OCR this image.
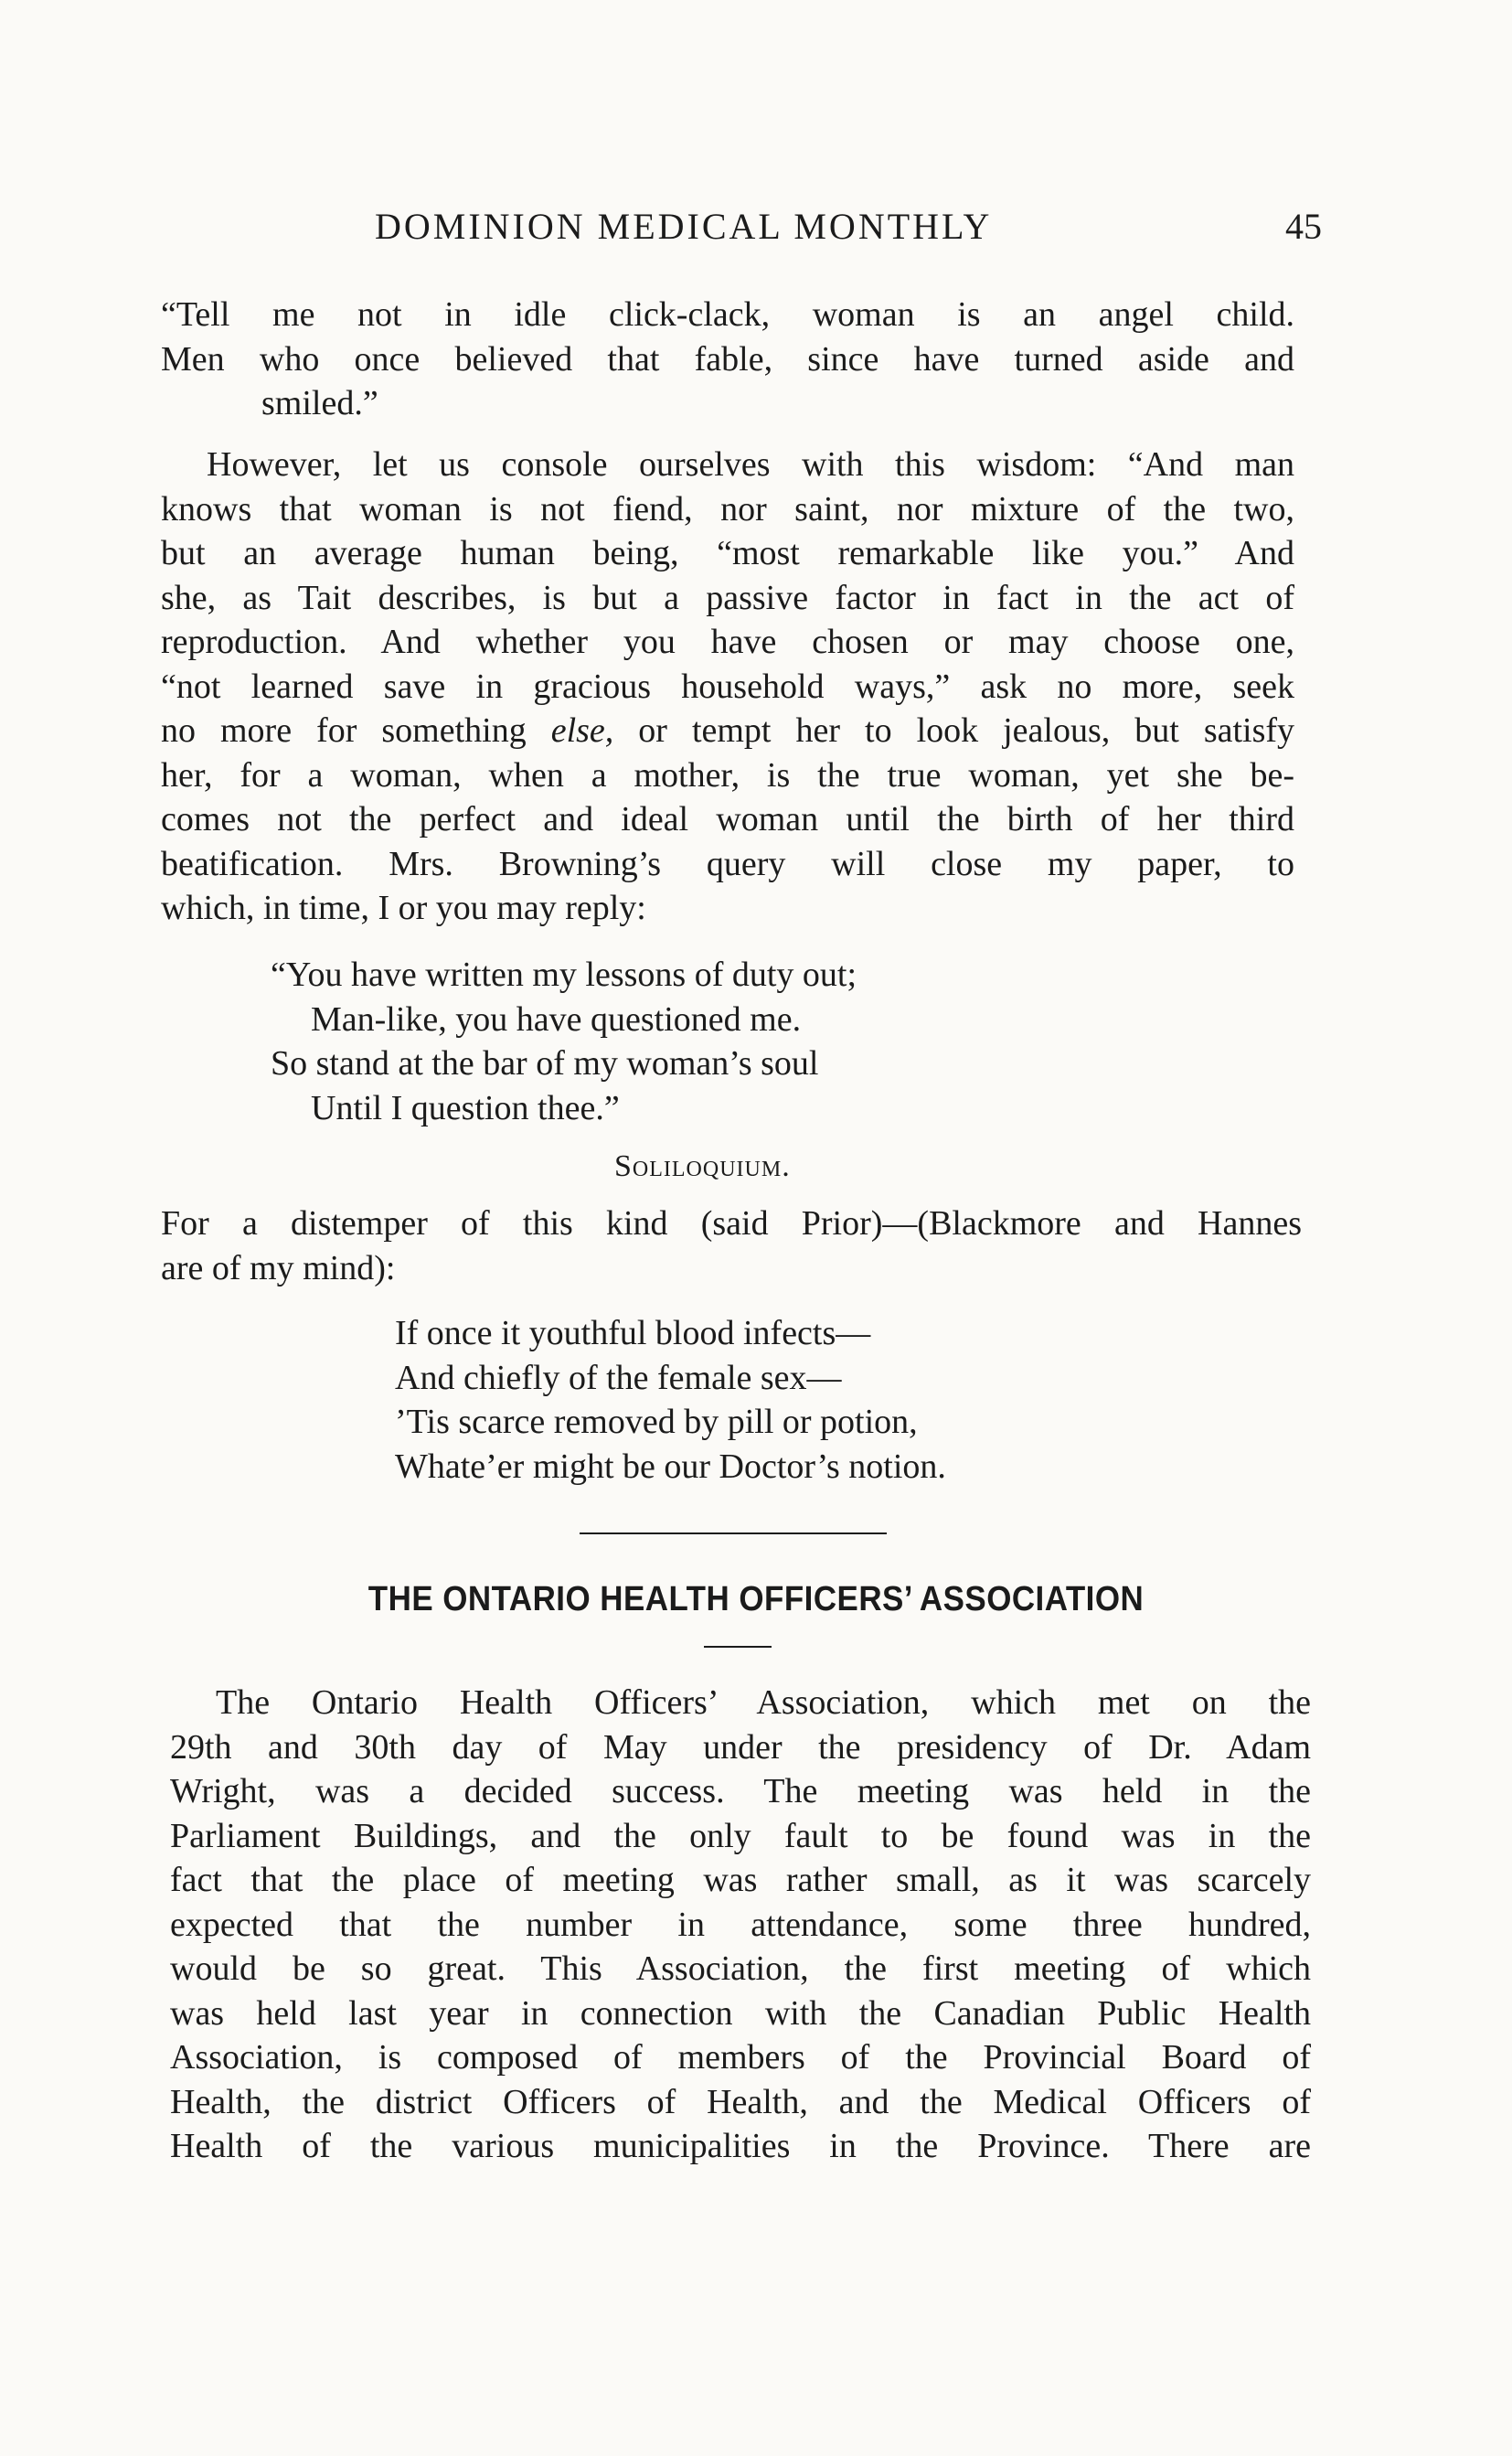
DOMINION MEDICAL MONTHLY	45
“Tell me not in idle click-clack, woman is an angel child.
Men who once believed that fable, since have turned aside and
smiled.”
However, let us console ourselves with this wisdom: “And man
knows that woman is not fiend, nor saint, nor mixture of the two,
but an average human being, “most remarkable like you.” And
she, as Tait describes, is but a passive factor in fact in the act of
reproduction. And whether you have chosen or may choose one,
“not learned save in gracious household ways,” ask no more, seek
no more for something else, or tempt her to look jealous, but satisfy
her, for a woman, when a mother, is the true woman, yet she be-
comes not the perfect and ideal woman until the birth of her third
beatification. Mrs. Browning’s query will close my paper, to
which, in time, I or you may reply:
“You have written my lessons of duty out;
Man-like, you have questioned me.
So stand at the bar of my woman’s soul
Until I question thee.”
Soliloquium.
For a distemper of this kind (said Prior)—(Blackmore and Hannes
are of my mind):
If once it youthful blood infects—
And chiefly of the female sex—
’Tis scarce removed by pill or potion,
Whate’er might be our Doctor’s notion.
THE ONTARIO HEALTH OFFICERS’ ASSOCIATION
The Ontario Health Officers’ Association, which met on the
29th and 30th day of May under the presidency of Dr. Adam
Wright, was a decided success. The meeting was held in the
Parliament Buildings, and the only fault to be found was in the
fact that the place of meeting was rather small, as it was scarcely
expected that the number in attendance, some three hundred,
would be so great. This Association, the first meeting of which
was held last year in connection with the Canadian Public Health
Association, is composed of members of the Provincial Board of
Health, the district Officers of Health, and the Medical Officers of
Health of the various municipalities in the Province. There are
